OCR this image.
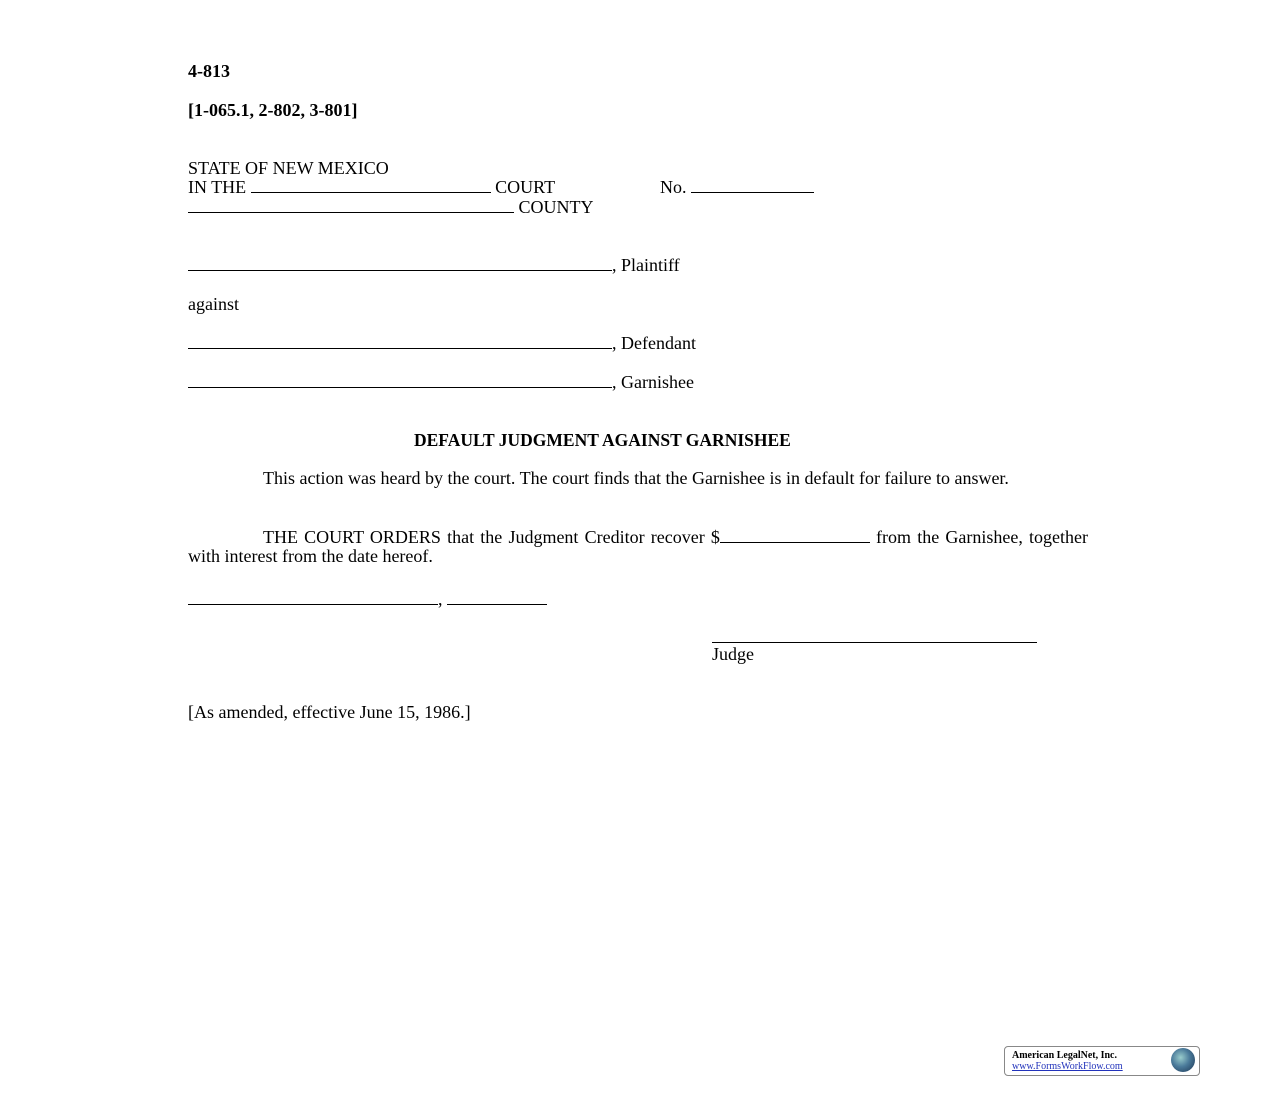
4-813
[1-065.1, 2-802, 3-801]
STATE OF NEW MEXICO
IN THE	COURT	No.
COUNTY
, Plaintiff
against
, Defendant
, Garnishee
DEFAULT JUDGMENT AGAINST GARNISHEE
This action was heard by the court. The court finds that the Garnishee is in default for failure to answer.
THE COURT ORDERS that the Judgment Creditor recover $	from the Garnishee, together with interest from the date hereof.
,
Judge
[As amended, effective June 15, 1986.]
American LegalNet, Inc.
www.FormsWorkFlow.com
